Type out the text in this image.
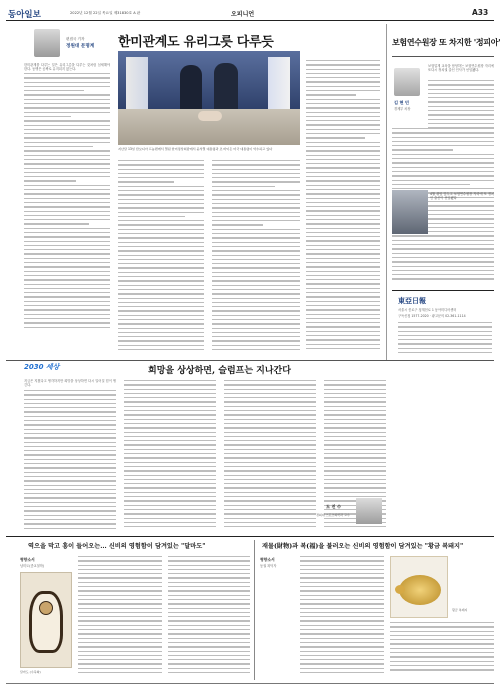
동아일보	2022년 12월 22일 목요일 제31830호 A 판	오피니언	A33
편집국 기자
정원대 문명계
한미관계를 다루는 일은 유리그릇을 다루는 것처럼 섬세해야 한다. 동맹은 공짜로 유지되지 않는다.
한미관계도 유리그릇 다루듯
지난달 13일 캄보디아 프놈펜에서 열린 한미정상회담에서 윤석열 대통령과 조 바이든 미국 대통령이 악수하고 있다
보험연수원장 또 차지한 '정피아'
김 현 민
경제부 차장
보험업계 교육을 담당하는 보험연수원장 자리에 또다시 정치권 출신 인사가 선임됐다.
4월 취임 앞두고 보험연수원장 자리에 또 정치인 출신이 선임됐다
東亞日報
서울시 종로구 청계천로 1 동아미디어센터
구독신청 1577-2020 · 광고문의 02-361-1114
2030 세상	희망을 상상하면, 슬럼프는 지나간다
지금은 지쳤다고 생각하지만 희망을 상상하면 다시 일어설 힘이 생긴다.
도 진 수
경희대 스포츠의학과 교수
역으을 막고 흥이 들어오는... 신비의 영험함이 담겨있는 "달마도"
형향소서
남미도(종교철학)
달마도 (수묵화)
재물(財物)과 복(福)을 불러오는 신비의 영험함이 담겨있는 "황금 복돼지"
형향소서
동권 복덕자
황금 복돼지
